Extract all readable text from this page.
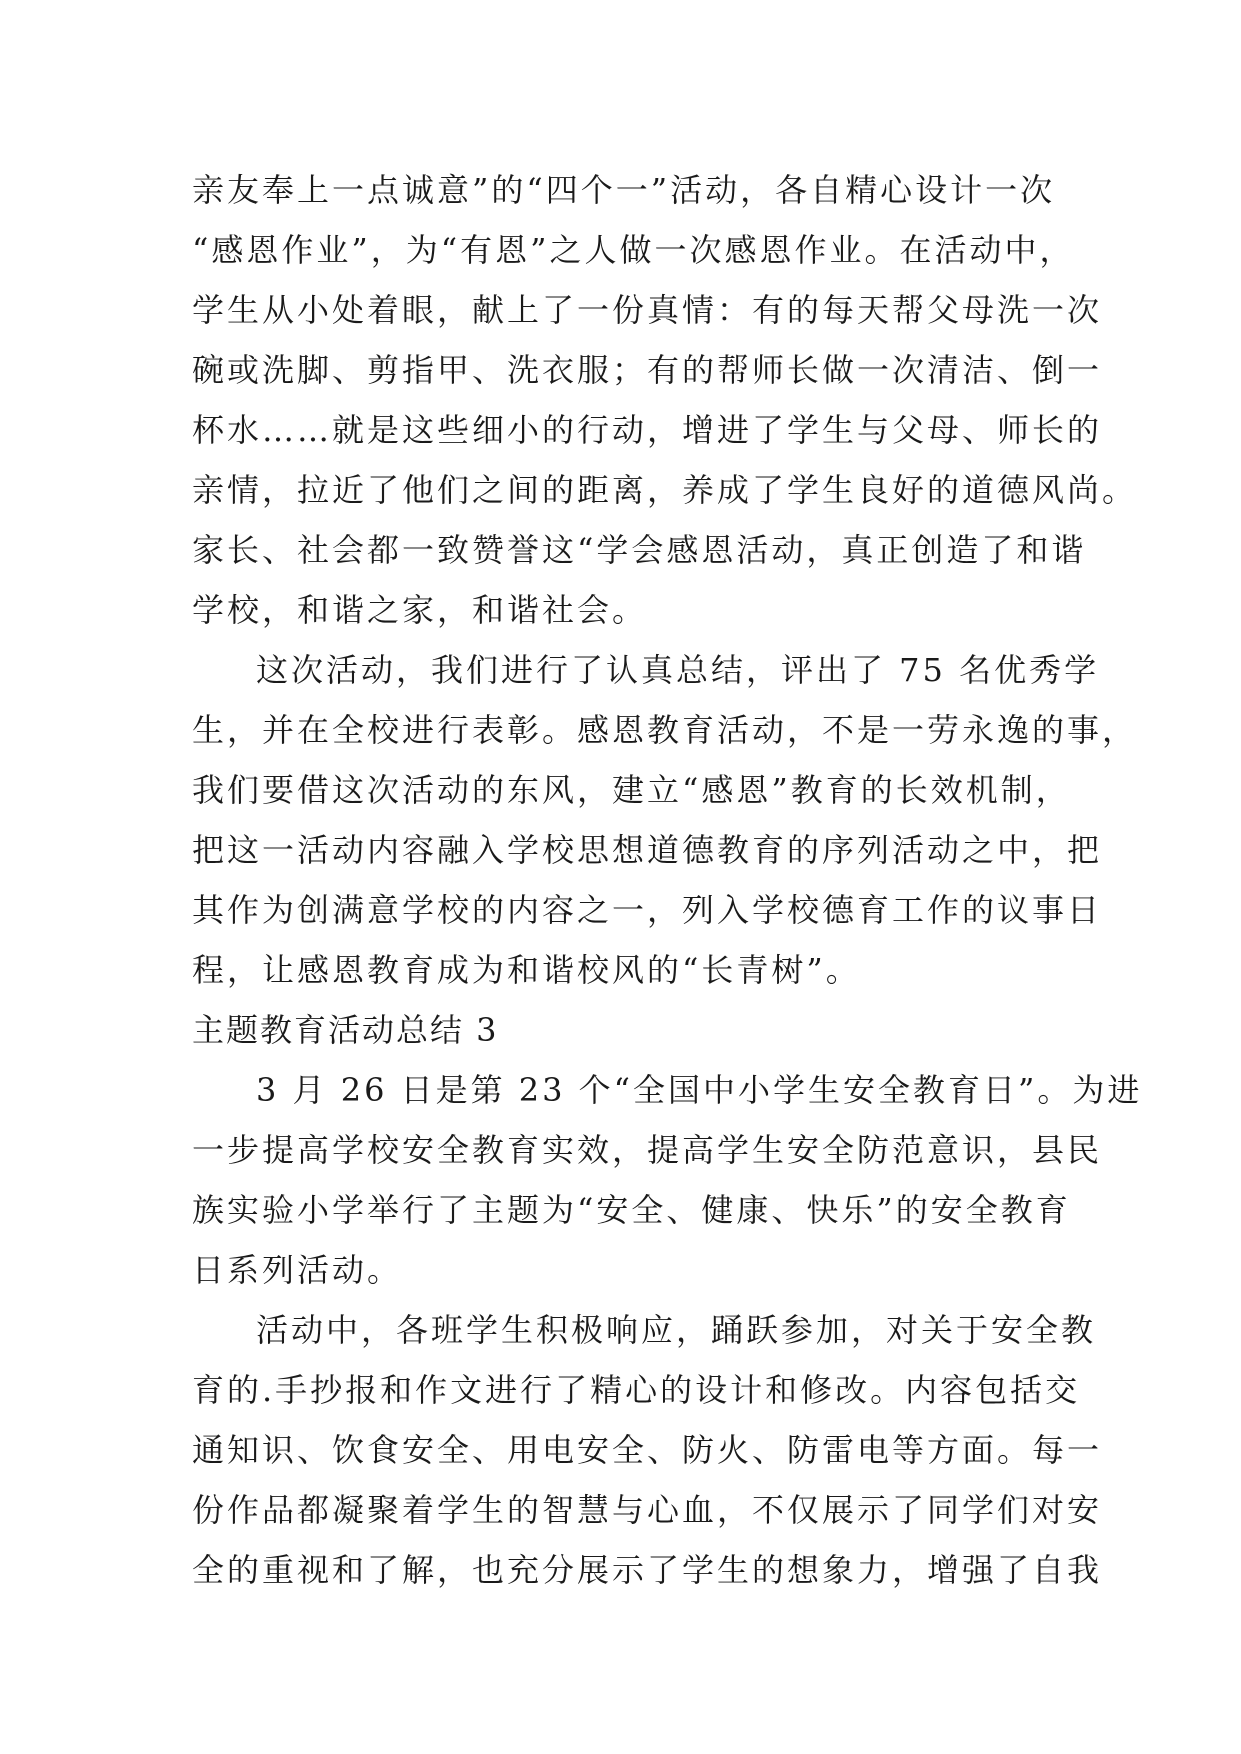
亲友奉上一点诚意”的“四个一”活动，各自精心设计一次
“感恩作业”，为“有恩”之人做一次感恩作业。在活动中，
学生从小处着眼，献上了一份真情：有的每天帮父母洗一次
碗或洗脚、剪指甲、洗衣服；有的帮师长做一次清洁、倒一
杯水……就是这些细小的行动，增进了学生与父母、师长的
亲情，拉近了他们之间的距离，养成了学生良好的道德风尚。
家长、社会都一致赞誉这“学会感恩活动，真正创造了和谐
学校，和谐之家，和谐社会。
这次活动，我们进行了认真总结，评出了 75 名优秀学
生，并在全校进行表彰。感恩教育活动，不是一劳永逸的事，
我们要借这次活动的东风，建立“感恩”教育的长效机制，
把这一活动内容融入学校思想道德教育的序列活动之中，把
其作为创满意学校的内容之一，列入学校德育工作的议事日
程，让感恩教育成为和谐校风的“长青树”。
主题教育活动总结 3
3 月 26 日是第 23 个“全国中小学生安全教育日”。为进
一步提高学校安全教育实效，提高学生安全防范意识，县民
族实验小学举行了主题为“安全、健康、快乐”的安全教育
日系列活动。
活动中，各班学生积极响应，踊跃参加，对关于安全教
育的.手抄报和作文进行了精心的设计和修改。内容包括交
通知识、饮食安全、用电安全、防火、防雷电等方面。每一
份作品都凝聚着学生的智慧与心血，不仅展示了同学们对安
全的重视和了解，也充分展示了学生的想象力，增强了自我
